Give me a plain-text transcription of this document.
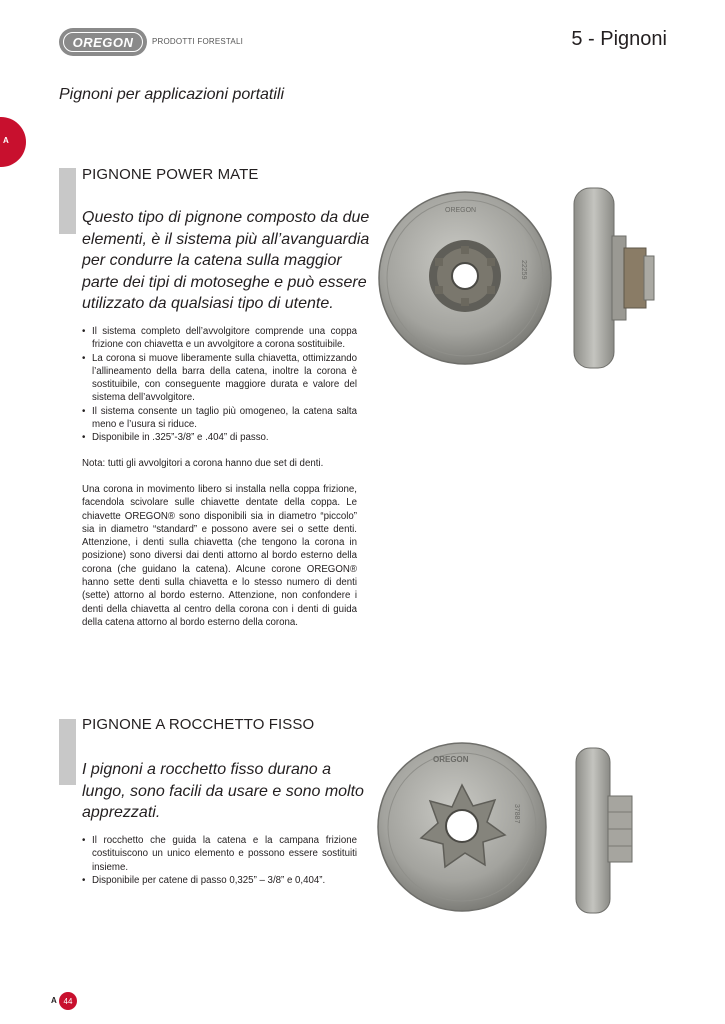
OREGON PRODOTTI FORESTALI	5 - Pignoni
Pignoni per applicazioni portatili
A
PIGNONE POWER MATE
Questo tipo di pignone composto da due
elementi, è il sistema più all’avanguardia
per condurre la catena sulla maggior
parte dei tipi di motoseghe e può essere
utilizzato da qualsiasi tipo di utente.
• Il sistema completo dell’avvolgitore comprende una coppa frizione con chiavetta e un avvolgitore a corona sostituibile.
• La corona si muove liberamente sulla chiavetta, ottimizzando l’allineamento della barra della catena, inoltre la corona è sostituibile, con conseguente maggiore durata e valore del sistema dell’avvolgitore.
• Il sistema consente un taglio più omogeneo, la catena salta meno e l’usura si riduce.
• Disponibile in .325”-3/8” e .404” di passo.

Nota: tutti gli avvolgitori a corona hanno due set di denti.

Una corona in movimento libero si installa nella coppa frizione, facendola scivolare sulle chiavette dentate della coppa. Le chiavette OREGON® sono disponibili sia in diametro “piccolo” sia in diametro “standard” e possono avere sei o sette denti. Attenzione, i denti sulla chiavetta (che tengono la corona in posizione) sono diversi dai denti attorno al bordo esterno della corona (che guidano la catena). Alcune corone OREGON® hanno sette denti sulla chiavetta e lo stesso numero di denti (sette) attorno al bordo esterno. Attenzione, non confondere i denti della chiavetta al centro della corona con i denti di guida della catena attorno al bordo esterno della corona.

OREGON
22259
PIGNONE A ROCCHETTO FISSO
I pignoni a rocchetto fisso durano a
lungo, sono facili da usare e sono molto
apprezzati.
• Il rocchetto che guida la catena e la campana frizione costituiscono un unico elemento e possono essere sostituiti insieme.
• Disponibile per catene di passo 0,325” – 3/8” e 0,404”.
OREGON
37887
A 44
